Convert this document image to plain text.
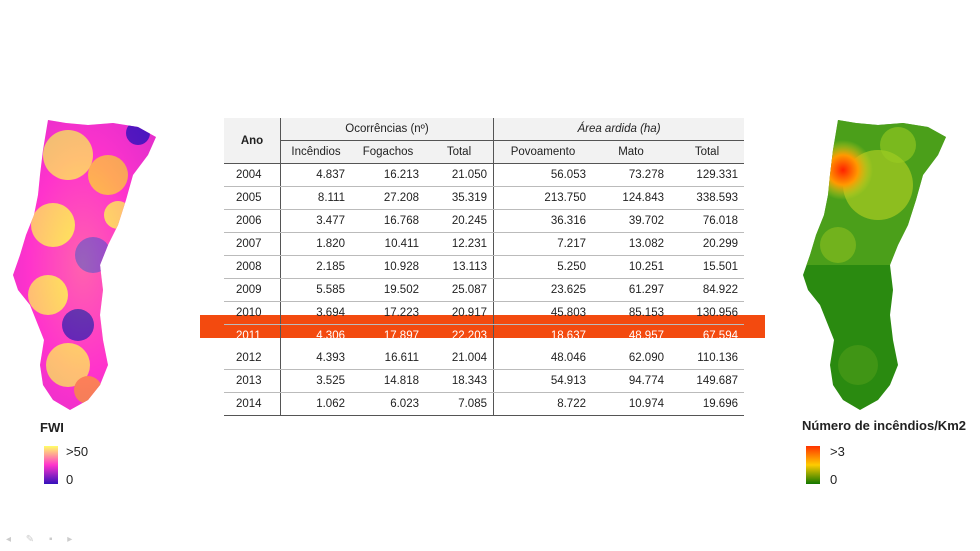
FWI
>50
0
Ano	Ocorrências (nº)			Área ardida (ha)		
	Incêndios	Fogachos	Total	Povoamento	Mato	Total
2004	4.837	16.213	21.050	56.053	73.278	129.331
2005	8.111	27.208	35.319	213.750	124.843	338.593
2006	3.477	16.768	20.245	36.316	39.702	76.018
2007	1.820	10.411	12.231	7.217	13.082	20.299
2008	2.185	10.928	13.113	5.250	10.251	15.501
2009	5.585	19.502	25.087	23.625	61.297	84.922
2010	3.694	17.223	20.917	45.803	85.153	130.956
2011	4.306	17.897	22.203	18.637	48.957	67.594
2012	4.393	16.611	21.004	48.046	62.090	110.136
2013	3.525	14.818	18.343	54.913	94.774	149.687
2014	1.062	6.023	7.085	8.722	10.974	19.696
Número de incêndios/Km2
>3
0
◂ ✎ ▪ ▸
